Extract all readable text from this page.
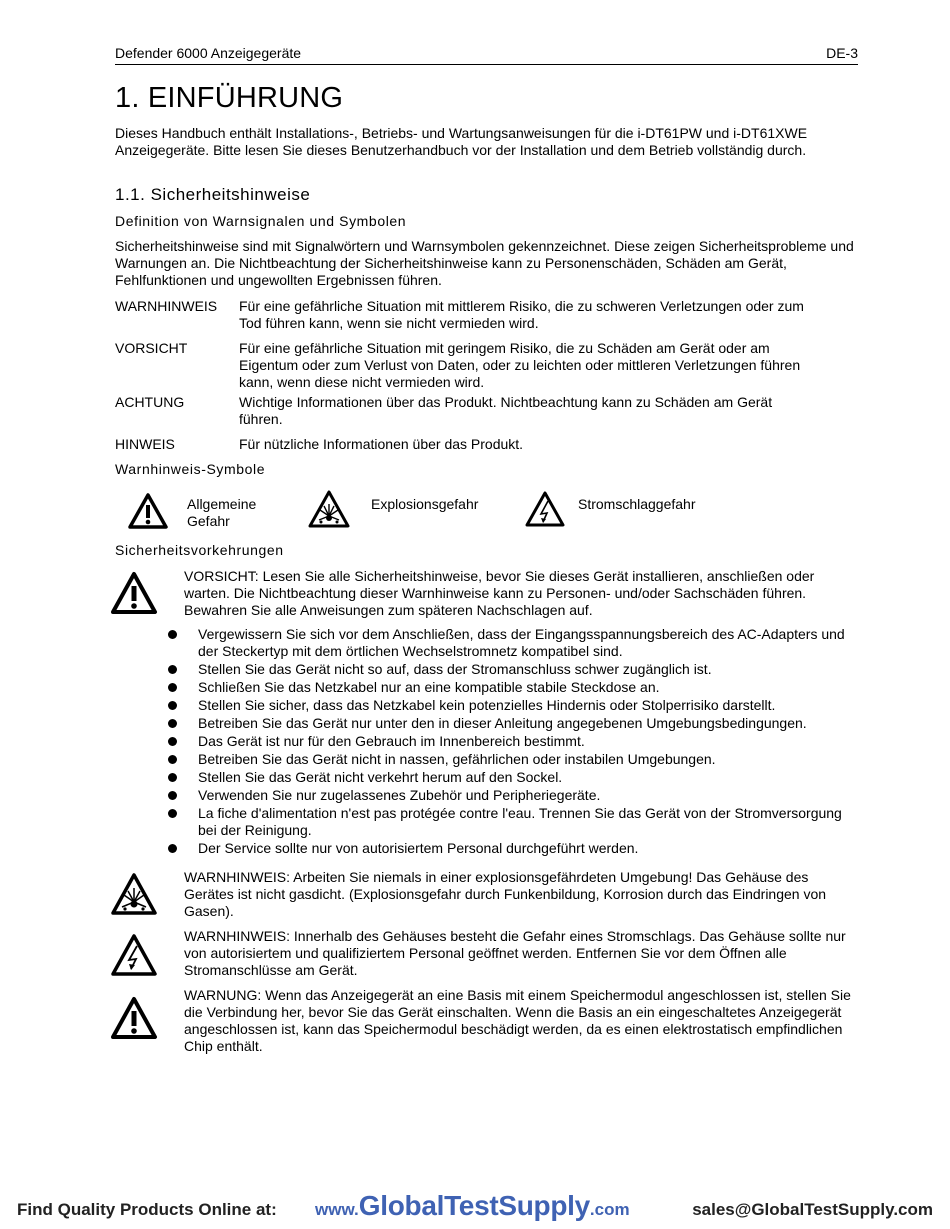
Defender 6000 Anzeigegeräte	DE-3
1. EINFÜHRUNG

Dieses Handbuch enthält Installations-, Betriebs- und Wartungsanweisungen für die i-DT61PW und i-DT61XWE Anzeigegeräte. Bitte lesen Sie dieses Benutzerhandbuch vor der Installation und dem Betrieb vollständig durch.

1.1. Sicherheitshinweise
Definition von Warnsignalen und Symbolen

Sicherheitshinweise sind mit Signalwörtern und Warnsymbolen gekennzeichnet. Diese zeigen Sicherheitsprobleme und Warnungen an. Die Nichtbeachtung der Sicherheitshinweise kann zu Personenschäden, Schäden am Gerät, Fehlfunktionen und ungewollten Ergebnissen führen.

WARNHINWEIS Für eine gefährliche Situation mit mittlerem Risiko, die zu schweren Verletzungen oder zum Tod führen kann, wenn sie nicht vermieden wird.
VORSICHT	Für eine gefährliche Situation mit geringem Risiko, die zu Schäden am Gerät oder am Eigentum oder zum Verlust von Daten, oder zu leichten oder mittleren Verletzungen führen kann, wenn diese nicht vermieden wird.
ACHTUNG	Wichtige Informationen über das Produkt. Nichtbeachtung kann zu Schäden am Gerät führen.
HINWEIS	Für nützliche Informationen über das Produkt.
Warnhinweis-Symbole
Allgemeine Gefahr
Explosionsgefahr	Stromschlaggefahr
Sicherheitsvorkehrungen
VORSICHT: Lesen Sie alle Sicherheitshinweise, bevor Sie dieses Gerät installieren, anschließen oder warten. Die Nichtbeachtung dieser Warnhinweise kann zu Personen- und/oder Sachschäden führen. Bewahren Sie alle Anweisungen zum späteren Nachschlagen auf.
Vergewissern Sie sich vor dem Anschließen, dass der Eingangsspannungsbereich des AC-Adapters und der Steckertyp mit dem örtlichen Wechselstromnetz kompatibel sind.
Stellen Sie das Gerät nicht so auf, dass der Stromanschluss schwer zugänglich ist.
Schließen Sie das Netzkabel nur an eine kompatible stabile Steckdose an.
Stellen Sie sicher, dass das Netzkabel kein potenzielles Hindernis oder Stolperrisiko darstellt.
Betreiben Sie das Gerät nur unter den in dieser Anleitung angegebenen Umgebungsbedingungen.
Das Gerät ist nur für den Gebrauch im Innenbereich bestimmt.
Betreiben Sie das Gerät nicht in nassen, gefährlichen oder instabilen Umgebungen.
Stellen Sie das Gerät nicht verkehrt herum auf den Sockel.
Verwenden Sie nur zugelassenes Zubehör und Peripheriegeräte.
La fiche d'alimentation n'est pas protégée contre l'eau. Trennen Sie das Gerät von der Stromversorgung bei der Reinigung.
Der Service sollte nur von autorisiertem Personal durchgeführt werden.
WARNHINWEIS: Arbeiten Sie niemals in einer explosionsgefährdeten Umgebung! Das Gehäuse des Gerätes ist nicht gasdicht. (Explosionsgefahr durch Funkenbildung, Korrosion durch das Eindringen von Gasen).
WARNHINWEIS: Innerhalb des Gehäuses besteht die Gefahr eines Stromschlags. Das Gehäuse sollte nur von autorisiertem und qualifiziertem Personal geöffnet werden. Entfernen Sie vor dem Öffnen alle Stromanschlüsse am Gerät.
WARNUNG: Wenn das Anzeigegerät an eine Basis mit einem Speichermodul angeschlossen ist, stellen Sie die Verbindung her, bevor Sie das Gerät einschalten. Wenn die Basis an ein eingeschaltetes Anzeigegerät angeschlossen ist, kann das Speichermodul beschädigt werden, da es einen elektrostatisch empfindlichen Chip enthält.
Find Quality Products Online at: www.GlobalTestSupply.com	sales@GlobalTestSupply.com
